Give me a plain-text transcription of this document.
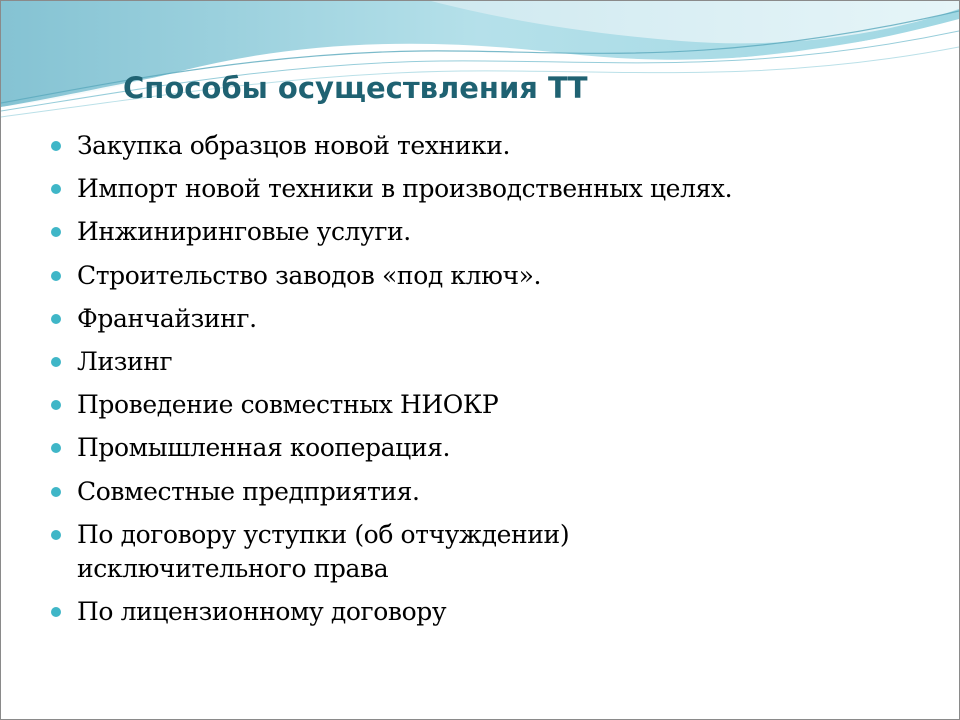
Способы осуществления ТТ
Закупка образцов новой техники.
Импорт новой техники в производственных целях.
Инжиниринговые услуги.
Строительство заводов «под ключ».
Франчайзинг.
Лизинг
Проведение совместных НИОКР
Промышленная кооперация.
Совместные предприятия.
По договору уступки (об отчуждении)
исключительного права
По лицензионному договору
